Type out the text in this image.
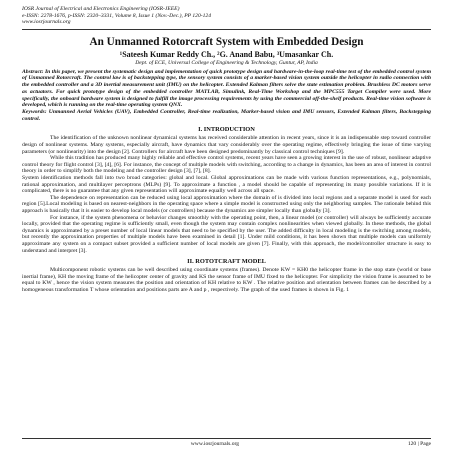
IOSR Journal of Electrical and Electronics Engineering (IOSR-JEEE)
e-ISSN: 2278-1676, p-ISSN: 2320–3331, Volume 8, Issue 1 (Nov.-Dec.), PP 120-124
www.iosrjournals.org
An Unmanned Rotorcraft System with Embedded Design
¹Sateesh Kumar Reddy Ch., ²G. Anand Babu, ³Umasankar Ch.
Dept. of ECE, Universal College of Engineering & Technology, Guntur, AP, India
Abstract: In this paper, we present the systematic design and implementation of quick prototype design and hardware-in-the-loop real-time test of the embedded control system of Unmanned Rotorcraft. The control law is of backstepping type, the sensory system consists of a marker-based vision system outside the helicopter in radio connection with the embedded controller and a 3D inertial measurement unit (IMU) on the helicopter. Extended Kalman filters solve the state estimation problem. Brushless DC motors serve as actuators. For quick prototype design of the embedded controller MATLAB, Simulink, Real-Time Workshop and the MPC555 Target Compiler were used. More specifically, the onboard hardware system is designed to fulfill the image processing requirements by using the commercial off-the-shelf products. Real-time vision software is developed, which is running on the real-time operating system QNX.
Keywords: Unmanned Aerial Vehicles (UAV), Embedded Controller, Real-time realization, Marker-based vision and IMU sensors, Extended Kalman filters, Backstepping control.
I. INTRODUCTION

The identification of the unknown nonlinear dynamical systems has received considerable attention in recent years, since it is an indispensable step toward controller design of nonlinear systems. Many systems, especially aircraft, have dynamics that vary considerably over the operating regime, effectively bringing the issue of time varying parameters (or nonlinearity) into the design [2]. Controllers for aircraft have been designed predominantly by classical control techniques [9].

While this tradition has produced many highly reliable and effective control systems, recent years have seen a growing interest in the use of robust, nonlinear adaptive control theory for flight control [3], [4], [6]. For instance, the concept of multiple models with switching, according to a change in dynamics, has been an area of interest in control theory in order to simplify both the modeling and the controller design [3], [7], [8].

System identification methods fall into two broad categories: global and local. Global approximations can be made with various function representations, e.g., polynomials, rational approximation, and multilayer perceptrons (MLPs) [9]. To approximate a function , a model should be capable of representing its many possible variations. If it is complicated, there is no guarantee that any given representation will approximate equally well across all space.

The dependence on representation can be reduced using local approximation where the domain of is divided into local regions and a separate model is used for each region [5].Local modeling is based on nearest-neighbors in the operating space where a simple model is constructed using only the neighboring samples. The rationale behind this approach is basically that it is easier to develop local models (or controllers) because the dynamics are simpler locally than globally [3].

For instance, if the system phenomena or behavior changes smoothly with the operating point, then, a linear model (or controller) will always be sufficiently accurate locally, provided that the operating regime is sufficiently small, even though the system may contain complex nonlinearities when viewed globally. In these methods, the global dynamics is approximated by a preset number of local linear models that need to be specified by the user. The added difficulty in local modeling is the switching among models, but recently the approximation properties of multiple models have been examined in detail [1]. Under mild conditions, it has been shown that multiple models can uniformly approximate any system on a compact subset provided a sufficient number of local models are given [7]. Finally, with this approach, the model/controller structure is easy to understand and interpret [3].

II. ROTOTCRAFT MODEL

Multicomponent robotic systems can be well described using coordinate systems (frames). Denote KW = KH0 the helicopter frame in the stop state (world or base inertial frame), KH the moving frame of the helicopter center of gravity and KS the sensor frame of IMU fixed to the helicopter. For simplicity the vision frame is assumed to be equal to KW , hence the vision system measures the position and orientation of KH relative to KW . The relative position and orientation between frames can be described by a homogeneous transformation T whose orientation and positions parts are A and p , respectively. The graph of the used frames is shown in Fig. 1

www.iosrjournals.org	120 | Page
